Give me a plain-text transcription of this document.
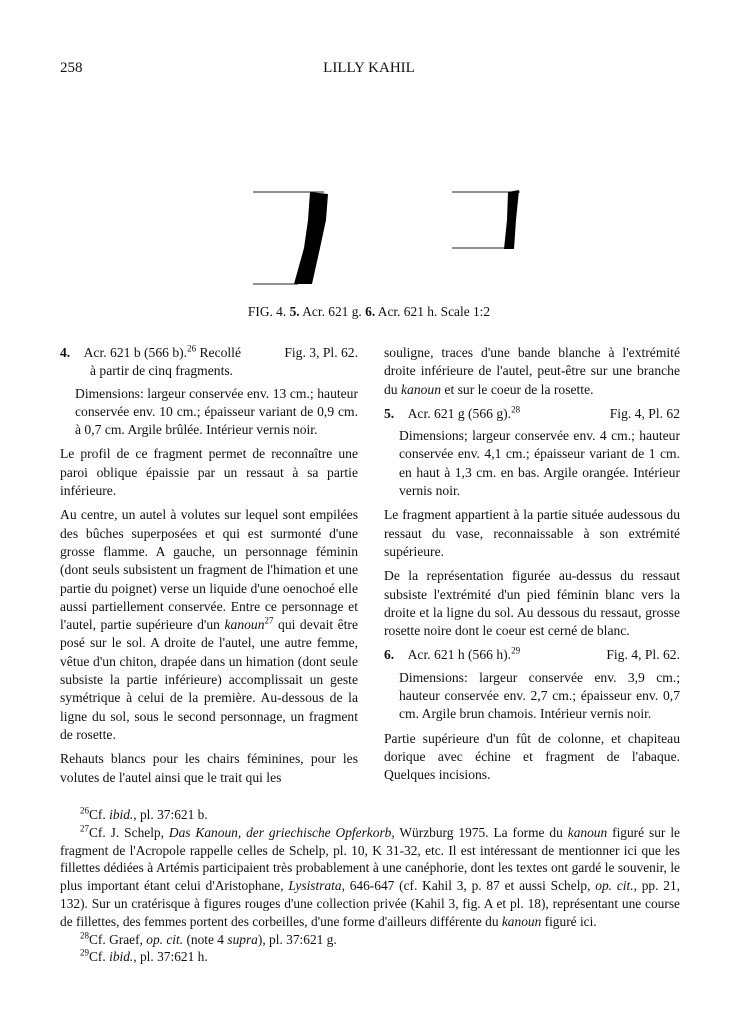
258	LILLY KAHIL
FIG. 4. 5. Acr. 621 g. 6. Acr. 621 h. Scale 1:2
4. Acr. 621 b (566 b).$^{26}$ Recollé
à partir de cinq fragments.
Fig. 3, Pl. 62.

Dimensions: largeur conservée env. 13 cm.; hauteur conservée env. 10 cm.; épaisseur variant de 0,9 cm. à 0,7 cm. Argile brûlée. Intérieur vernis noir.

Le profil de ce fragment permet de reconnaître une paroi oblique épaissie par un ressaut à sa partie inférieure.

Au centre, un autel à volutes sur lequel sont empilées des bûches superposées et qui est surmonté d'une grosse flamme. A gauche, un personnage féminin (dont seuls subsistent un fragment de l'himation et une partie du poignet) verse un liquide d'une oenochoé elle aussi partiellement conservée. Entre ce personnage et l'autel, partie supérieure d'un kanoun$^{27}$ qui devait être posé sur le sol. A droite de l'autel, une autre femme, vêtue d'un chiton, drapée dans un himation (dont seule subsiste la partie inférieure) accomplissait un geste symétrique à celui de la première. Au-dessous de la ligne du sol, sous le second personnage, un fragment de rosette.

Rehauts blancs pour les chairs féminines, pour les volutes de l'autel ainsi que le trait qui les

souligne, traces d'une bande blanche à l'extrémité droite inférieure de l'autel, peut-être sur une branche du kanoun et sur le coeur de la rosette.

5. Acr. 621 g (566 g).$^{28}$	Fig. 4, Pl. 62

Dimensions; largeur conservée env. 4 cm.; hauteur conservée env. 4,1 cm.; épaisseur variant de 1 cm. en haut à 1,3 cm. en bas. Argile orangée. Intérieur vernis noir.

Le fragment appartient à la partie située audessous du ressaut du vase, reconnaissable à son extrémité supérieure.

De la représentation figurée au-dessus du ressaut subsiste l'extrémité d'un pied féminin blanc vers la droite et la ligne du sol. Au dessous du ressaut, grosse rosette noire dont le coeur est cerné de blanc.

6. Acr. 621 h (566 h).$^{29}$	Fig. 4, Pl. 62.

Dimensions: largeur conservée env. 3,9 cm.; hauteur conservée env. 2,7 cm.; épaisseur env. 0,7 cm. Argile brun chamois. Intérieur vernis noir.

Partie supérieure d'un fût de colonne, et chapiteau dorique avec échine et fragment de l'abaque. Quelques incisions.

$^{26}$Cf. ibid., pl. 37:621 b.

$^{27}$Cf. J. Schelp, Das Kanoun, der griechische Opferkorb, Würzburg 1975. La forme du kanoun figuré sur le fragment de l'Acropole rappelle celles de Schelp, pl. 10, K 31-32, etc. Il est intéressant de mentionner ici que les fillettes dédiées à Artémis participaient très probablement à une canéphorie, dont les textes ont gardé le souvenir, le plus important étant celui d'Aristophane, Lysistrata, 646-647 (cf. Kahil 3, p. 87 et aussi Schelp, op. cit., pp. 21, 132). Sur un cratérisque à figures rouges d'une collection privée (Kahil 3, fig. A et pl. 18), représentant une course de fillettes, des femmes portent des corbeilles, d'une forme d'ailleurs différente du kanoun figuré ici.

$^{28}$Cf. Graef, op. cit. (note 4 supra), pl. 37:621 g.

$^{29}$Cf. ibid., pl. 37:621 h.
